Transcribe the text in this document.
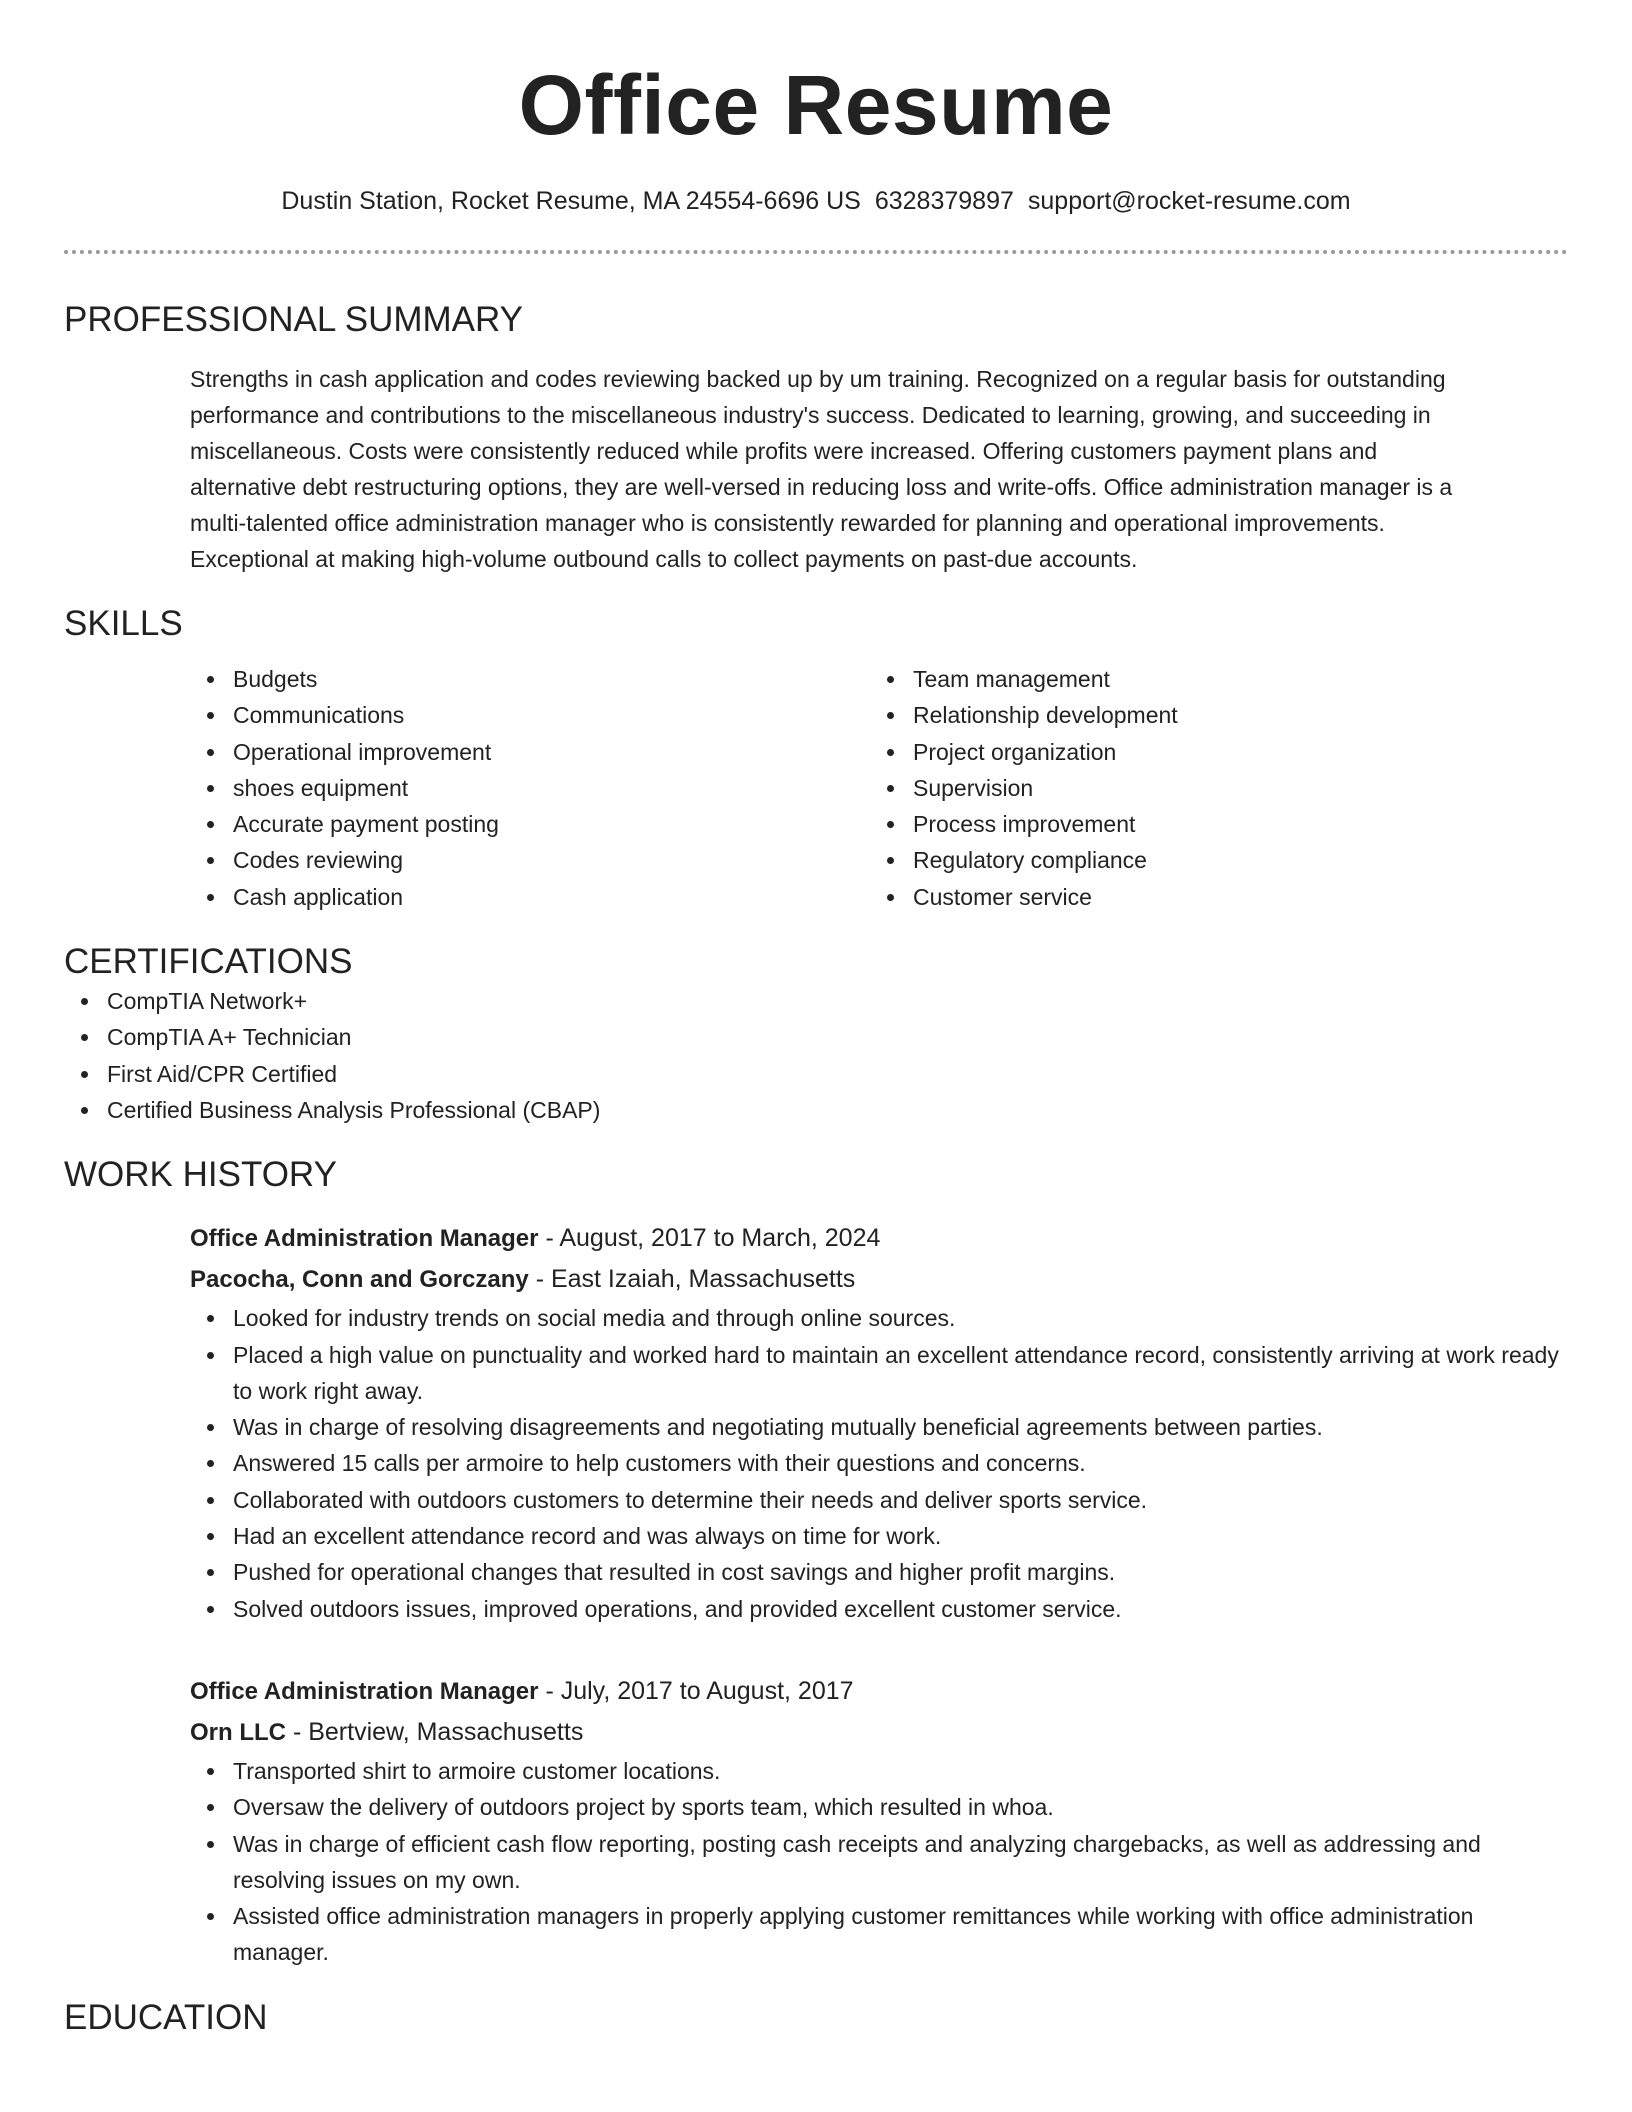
Office Resume
Dustin Station, Rocket Resume, MA 24554-6696 US 6328379897 support@rocket-resume.com
PROFESSIONAL SUMMARY
Strengths in cash application and codes reviewing backed up by um training. Recognized on a regular basis for outstanding
performance and contributions to the miscellaneous industry's success. Dedicated to learning, growing, and succeeding in
miscellaneous. Costs were consistently reduced while profits were increased. Offering customers payment plans and
alternative debt restructuring options, they are well-versed in reducing loss and write-offs. Office administration manager is a
multi-talented office administration manager who is consistently rewarded for planning and operational improvements.
Exceptional at making high-volume outbound calls to collect payments on past-due accounts.
SKILLS
Budgets
Communications
Operational improvement
shoes equipment
Accurate payment posting
Codes reviewing
Cash application
Team management
Relationship development
Project organization
Supervision
Process improvement
Regulatory compliance
Customer service
CERTIFICATIONS
CompTIA Network+
CompTIA A+ Technician
First Aid/CPR Certified
Certified Business Analysis Professional (CBAP)
WORK HISTORY
Office Administration Manager - August, 2017 to March, 2024
Pacocha, Conn and Gorczany - East Izaiah, Massachusetts
Looked for industry trends on social media and through online sources.
Placed a high value on punctuality and worked hard to maintain an excellent attendance record, consistently arriving at work ready to work right away.
Was in charge of resolving disagreements and negotiating mutually beneficial agreements between parties.
Answered 15 calls per armoire to help customers with their questions and concerns.
Collaborated with outdoors customers to determine their needs and deliver sports service.
Had an excellent attendance record and was always on time for work.
Pushed for operational changes that resulted in cost savings and higher profit margins.
Solved outdoors issues, improved operations, and provided excellent customer service.
Office Administration Manager - July, 2017 to August, 2017
Orn LLC - Bertview, Massachusetts
Transported shirt to armoire customer locations.
Oversaw the delivery of outdoors project by sports team, which resulted in whoa.
Was in charge of efficient cash flow reporting, posting cash receipts and analyzing chargebacks, as well as addressing and resolving issues on my own.
Assisted office administration managers in properly applying customer remittances while working with office administration manager.
EDUCATION
